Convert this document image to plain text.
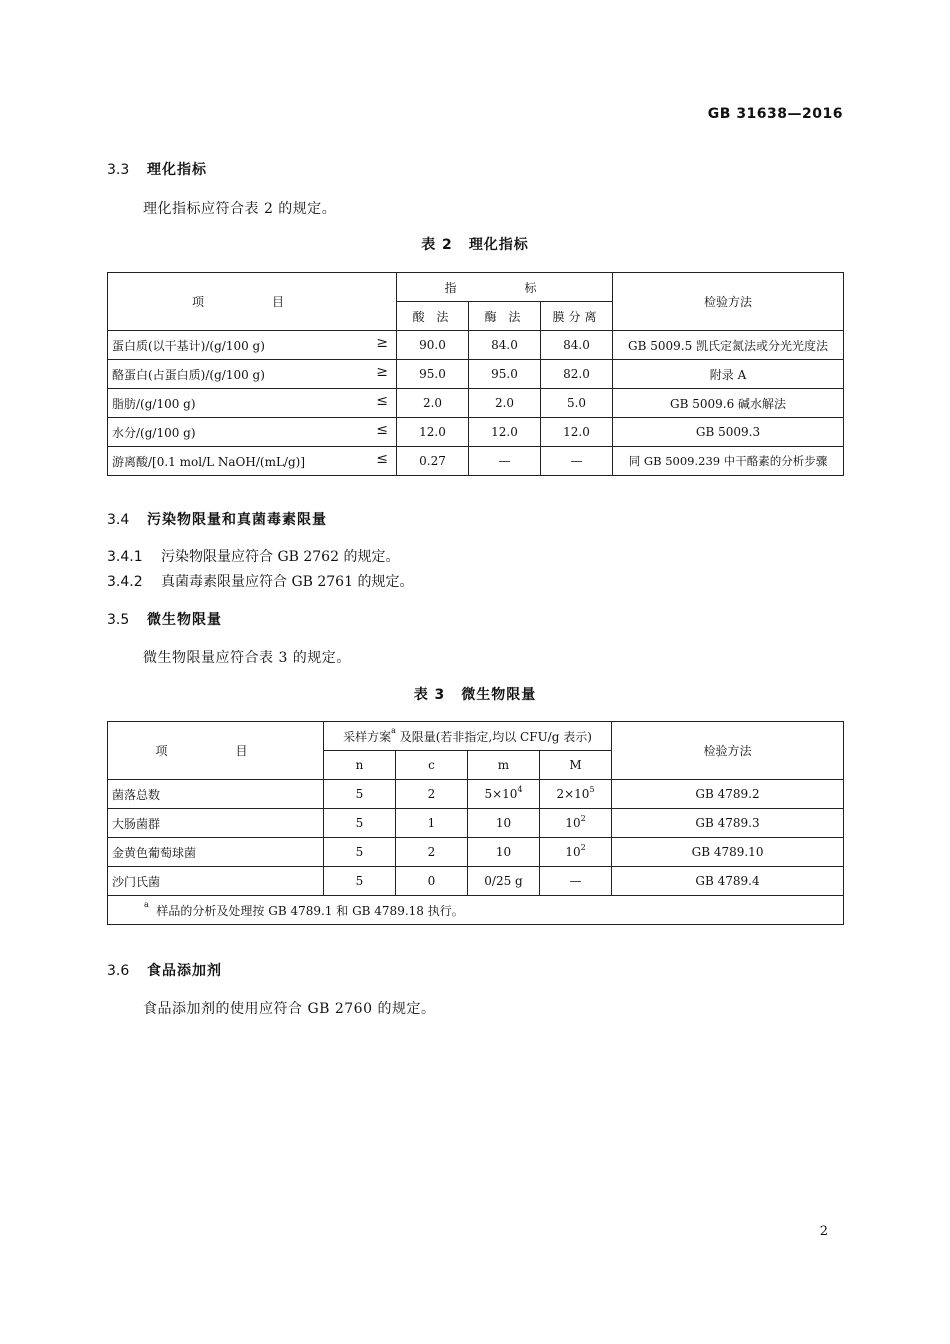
GB 31638—2016
3.3 理化指标
理化指标应符合表 2 的规定。
表 2 理化指标
项　目	指　标			检验方法
	酸 法	酶 法	膜分离	
蛋白质(以干基计)/(g/100 g) ≥	90.0	84.0	84.0	GB 5009.5 凯氏定氮法或分光光度法
酪蛋白(占蛋白质)/(g/100 g) ≥	95.0	95.0	82.0	附录 A
脂肪/(g/100 g) ≤	2.0	2.0	5.0	GB 5009.6 碱水解法
水分/(g/100 g) ≤	12.0	12.0	12.0	GB 5009.3
游离酸/[0.1 mol/L NaOH/(mL/g)] ≤	0.27	—	—	同 GB 5009.239 中干酪素的分析步骤
3.4 污染物限量和真菌毒素限量
3.4.1 污染物限量应符合 GB 2762 的规定。
3.4.2 真菌毒素限量应符合 GB 2761 的规定。
3.5 微生物限量
微生物限量应符合表 3 的规定。
表 3 微生物限量
项　目	采样方案$^a$ 及限量(若非指定,均以 CFU/g 表示)				检验方法
	n	c	m	M	
菌落总数	5	2	$5\times 10^4$	$2\times 10^5$	GB 4789.2
大肠菌群	5	1	10	$10^2$	GB 4789.3
金黄色葡萄球菌	5	2	10	$10^2$	GB 4789.10
沙门氏菌	5	0	0/25 g	—	GB 4789.4
$^a$ 样品的分析及处理按 GB 4789.1 和 GB 4789.18 执行。					
3.6 食品添加剂
食品添加剂的使用应符合 GB 2760 的规定。
2
